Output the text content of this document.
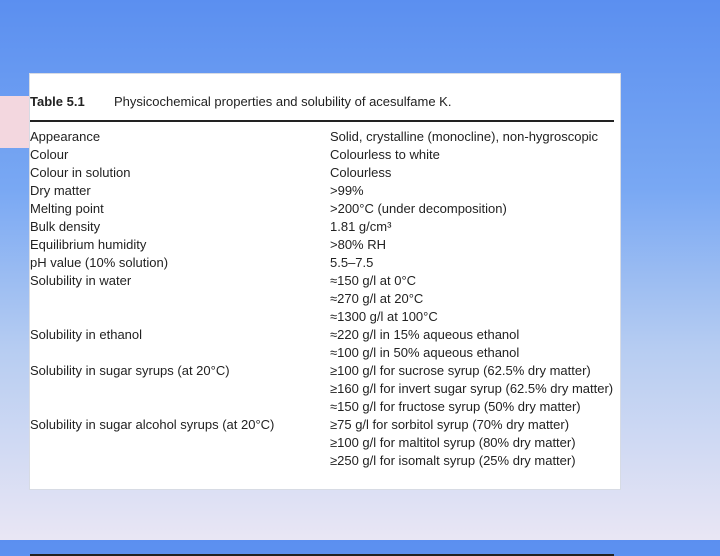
Table 5.1 Physicochemical properties and solubility of acesulfame K.
Appearance	Solid, crystalline (monocline), non-hygroscopic
Colour	Colourless to white
Colour in solution	Colourless
Dry matter	>99%
Melting point	>200°C (under decomposition)
Bulk density	1.81 g/cm³
Equilibrium humidity	>80% RH
pH value (10% solution)	5.5–7.5
Solubility in water	≈150 g/l at 0°C
≈270 g/l at 20°C
≈1300 g/l at 100°C
Solubility in ethanol	≈220 g/l in 15% aqueous ethanol
≈100 g/l in 50% aqueous ethanol
Solubility in sugar syrups (at 20°C)	≥100 g/l for sucrose syrup (62.5% dry matter)
≥160 g/l for invert sugar syrup (62.5% dry matter)
≈150 g/l for fructose syrup (50% dry matter)
Solubility in sugar alcohol syrups (at 20°C)	≥75 g/l for sorbitol syrup (70% dry matter)
≥100 g/l for maltitol syrup (80% dry matter)
≥250 g/l for isomalt syrup (25% dry matter)
